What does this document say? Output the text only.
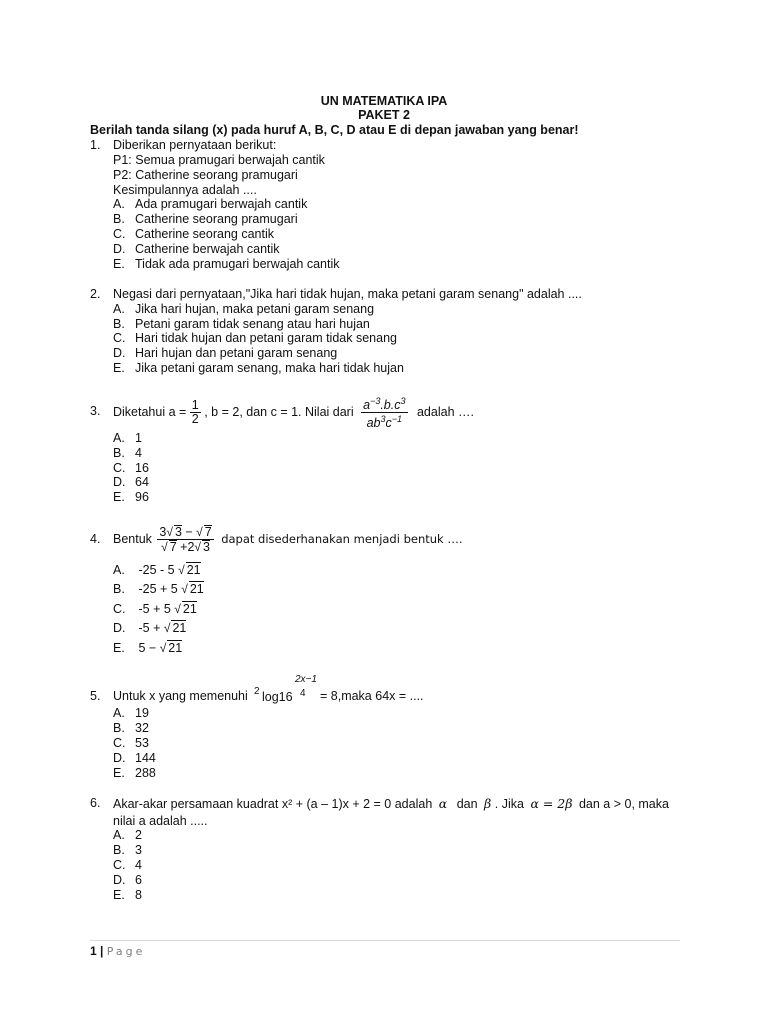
UN MATEMATIKA IPA
PAKET 2
Berilah tanda silang (x) pada huruf A, B, C, D atau E di depan jawaban yang benar!
1. Diberikan pernyataan berikut:
P1: Semua pramugari berwajah cantik
P2: Catherine seorang pramugari
Kesimpulannya adalah ....
A. Ada pramugari berwajah cantik
B. Catherine seorang pramugari
C. Catherine seorang cantik
D. Catherine berwajah cantik
E. Tidak ada pramugari berwajah cantik
2. Negasi dari pernyataan,"Jika hari tidak hujan, maka petani garam senang" adalah ....
A. Jika hari hujan, maka petani garam senang
B. Petani garam tidak senang atau hari hujan
C. Hari tidak hujan dan petani garam tidak senang
D. Hari hujan dan petani garam senang
E. Jika petani garam senang, maka hari tidak hujan
3. Diketahui $a = \frac{1}{2}$ , b = 2, dan c = 1. Nilai dari $\frac{a^{-3}.b.c^3}{ab^3c^{-1}}$ adalah ….
A. 1
B. 4
C. 16
D. 64
E. 96
4. Bentuk $\frac{3√ 3 - √ 7}{√ 7 +2√ 3}$ dapat disederhanakan menjadi bentuk ….
A. -25 - 5 √ 21
B. -25 + 5 √ 21
C. -5 + 5 √ 21
D. -5 + √ 21
E. 5 − √ 21
5. Untuk x yang memenuhi 2 log16
2x−1
4 = 8,maka 64x = ....
A. 19
B. 32
C. 53
D. 144
E. 288
6. Akar-akar persamaan kuadrat x² + (a – 1)x + 2 = 0 adalah α dan β . Jika α = 2β dan a > 0, maka
nilai a adalah .....
A. 2
B. 3
C. 4
D. 6
E. 8
1 | Page
